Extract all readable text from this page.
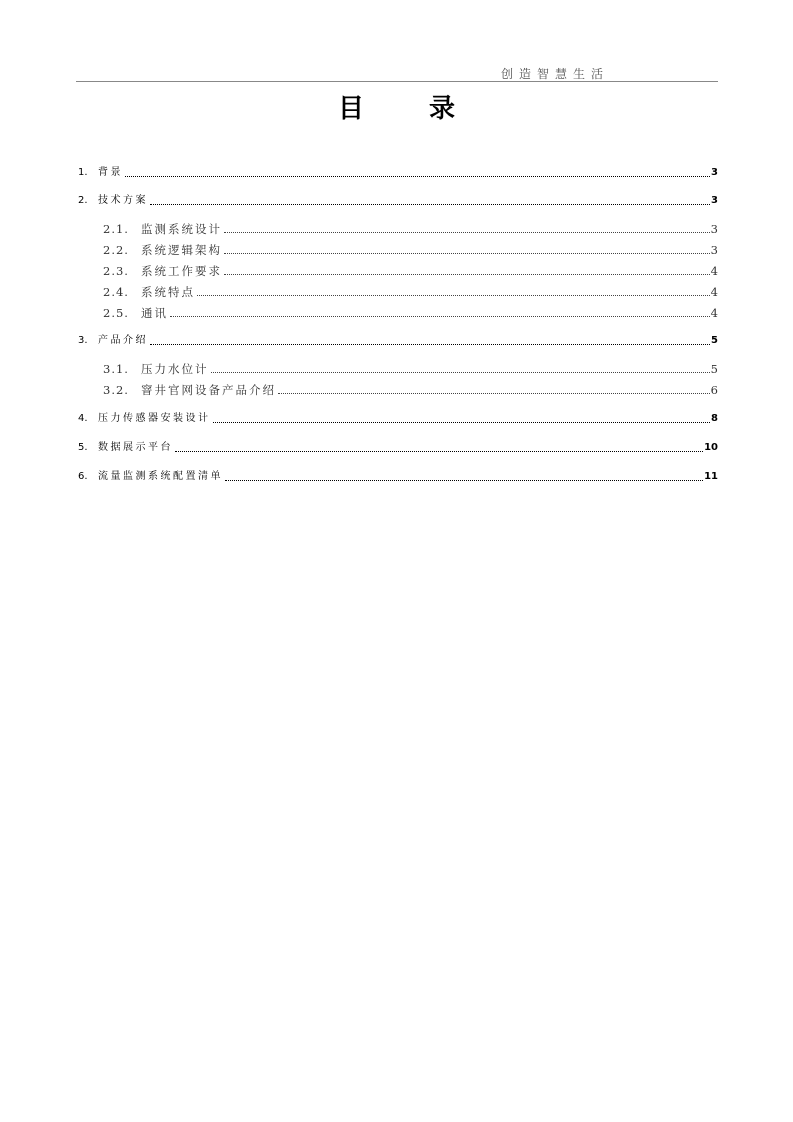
创造智慧生活
目 录
1.	背景	3
2.	技术方案	3
2.1.	监测系统设计	3
2.2.	系统逻辑架构	3
2.3.	系统工作要求	4
2.4.	系统特点	4
2.5.	通讯	4
3.	产品介绍	5
3.1.	压力水位计	5
3.2.	窨井官网设备产品介绍	6
4.	压力传感器安装设计	8
5.	数据展示平台	10
6.	流量监测系统配置清单	11
